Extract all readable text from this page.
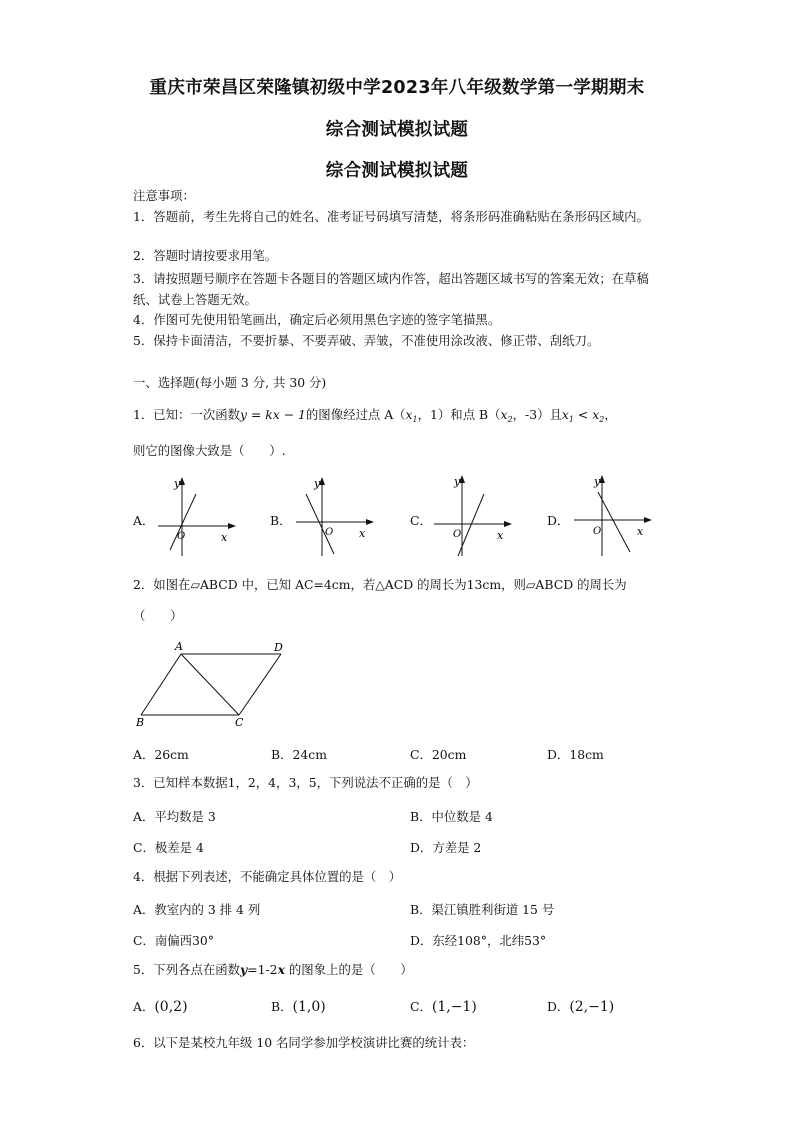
重庆市荣昌区荣隆镇初级中学2023年八年级数学第一学期期末
综合测试模拟试题
综合测试模拟试题
注意事项：
1．答题前，考生先将自己的姓名、准考证号码填写清楚，将条形码准确粘贴在条形码区域内。
2．答题时请按要求用笔。
3．请按照题号顺序在答题卡各题目的答题区域内作答，超出答题区域书写的答案无效；在草稿纸、试卷上答题无效。
4．作图可先使用铅笔画出，确定后必须用黑色字迹的签字笔描黑。
5．保持卡面清洁，不要折暴、不要弄破、弄皱，不准使用涂改液、修正带、刮纸刀。
一、选择题(每小题 3 分, 共 30 分)
1．已知：一次函数y = kx − 1的图像经过点 $A(x_1$，1）和点 $B(x_2$，-3）且$x_1 < x_2$，
则它的图像大致是（　　）.
A．
y
x
O
B．
y
x
O
C．
y
x
O
D．
y
x
O
2．如图在▱ABCD 中，已知 AC=4cm，若△ACD 的周长为13cm，则▱ABCD 的周长为
（　　）
A	D
B	C
A．26cm	B．24cm	C．20cm	D．18cm
3．已知样本数据1，2，4，3，5，下列说法不正确的是（　）
A．平均数是 3	B．中位数是 4
C．极差是 4	D．方差是 2
4．根据下列表述，不能确定具体位置的是（　）
A．教室内的 3 排 4 列	B．渠江镇胜利街道 15 号
C．南偏西30°	D．东经108°，北纬53°
5．下列各点在函数y=1-2x 的图象上的是（　　）
A．(0,2)	B．(1,0)	C．(1,−1)	D．(2,−1)
6．以下是某校九年级 10 名同学参加学校演讲比赛的统计表：
